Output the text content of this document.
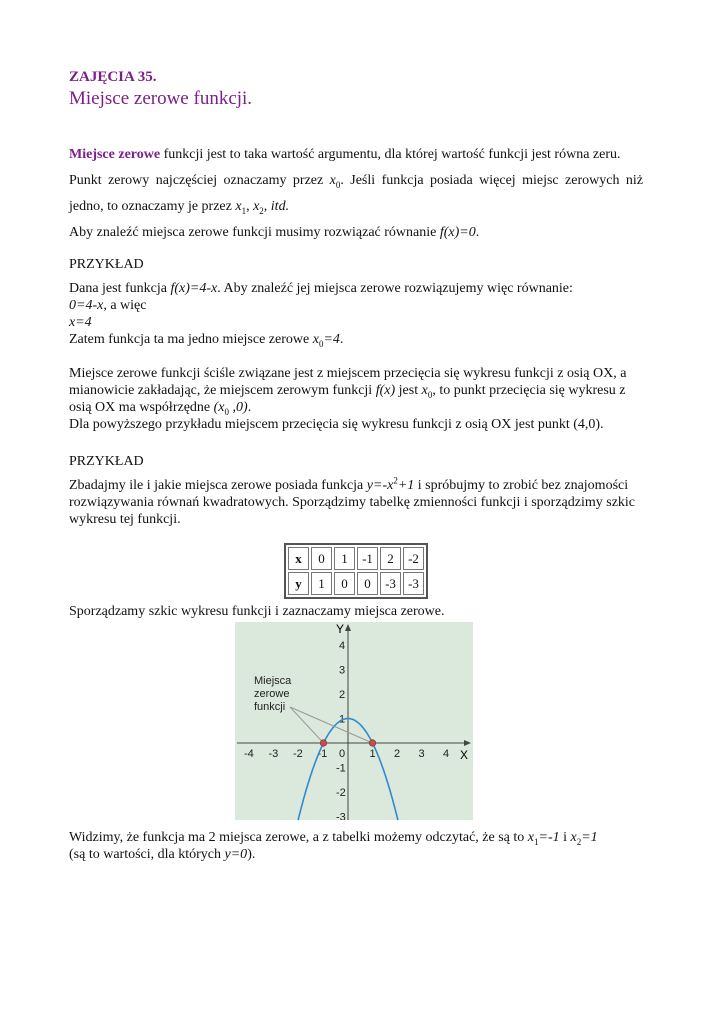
ZAJĘCIA 35.
Miejsce zerowe funkcji.

Miejsce zerowe funkcji jest to taka wartość argumentu, dla której wartość funkcji jest równa zeru.

Punkt zerowy najczęściej oznaczamy przez $x_0$. Jeśli funkcja posiada więcej miejsc zerowych niż jedno, to oznaczamy je przez $x_1$, $x_2$, itd.

Aby znaleźć miejsca zerowe funkcji musimy rozwiązać równanie f(x)=0.

PRZYKŁAD

Dana jest funkcja f(x)=4-x. Aby znaleźć jej miejsca zerowe rozwiązujemy więc równanie:
0=4-x, a więc
x=4
Zatem funkcja ta ma jedno miejsce zerowe $x_0=4$.

Miejsce zerowe funkcji ściśle związane jest z miejscem przecięcia się wykresu funkcji z osią OX, a mianowicie zakładając, że miejscem zerowym funkcji f(x) jest $x_0$, to punkt przecięcia się wykresu z osią OX ma współrzędne ($x_0$ ,0).
Dla powyższego przykładu miejscem przecięcia się wykresu funkcji z osią OX jest punkt (4,0).

PRZYKŁAD

Zbadajmy ile i jakie miejsca zerowe posiada funkcja $y=-x^2+1$ i spróbujmy to zrobić bez znajomości rozwiązywania równań kwadratowych. Sporządzimy tabelkę zmienności funkcji i sporządzimy szkic wykresu tej funkcji.

x	0	1	-1	2	-2
y	1	0	0	-3	-3

Sporządzamy szkic wykresu funkcji i zaznaczamy miejsca zerowe.

-4 -3 -2 -1 0 1 2 3 4
4
3
2
1
-1
-2
-3
Y
X
Miejsca
zerowe
funkcji

Widzimy, że funkcja ma 2 miejsca zerowe, a z tabelki możemy odczytać, że są to $x_1=-1$ i $x_2=1$
(są to wartości, dla których y=0).
